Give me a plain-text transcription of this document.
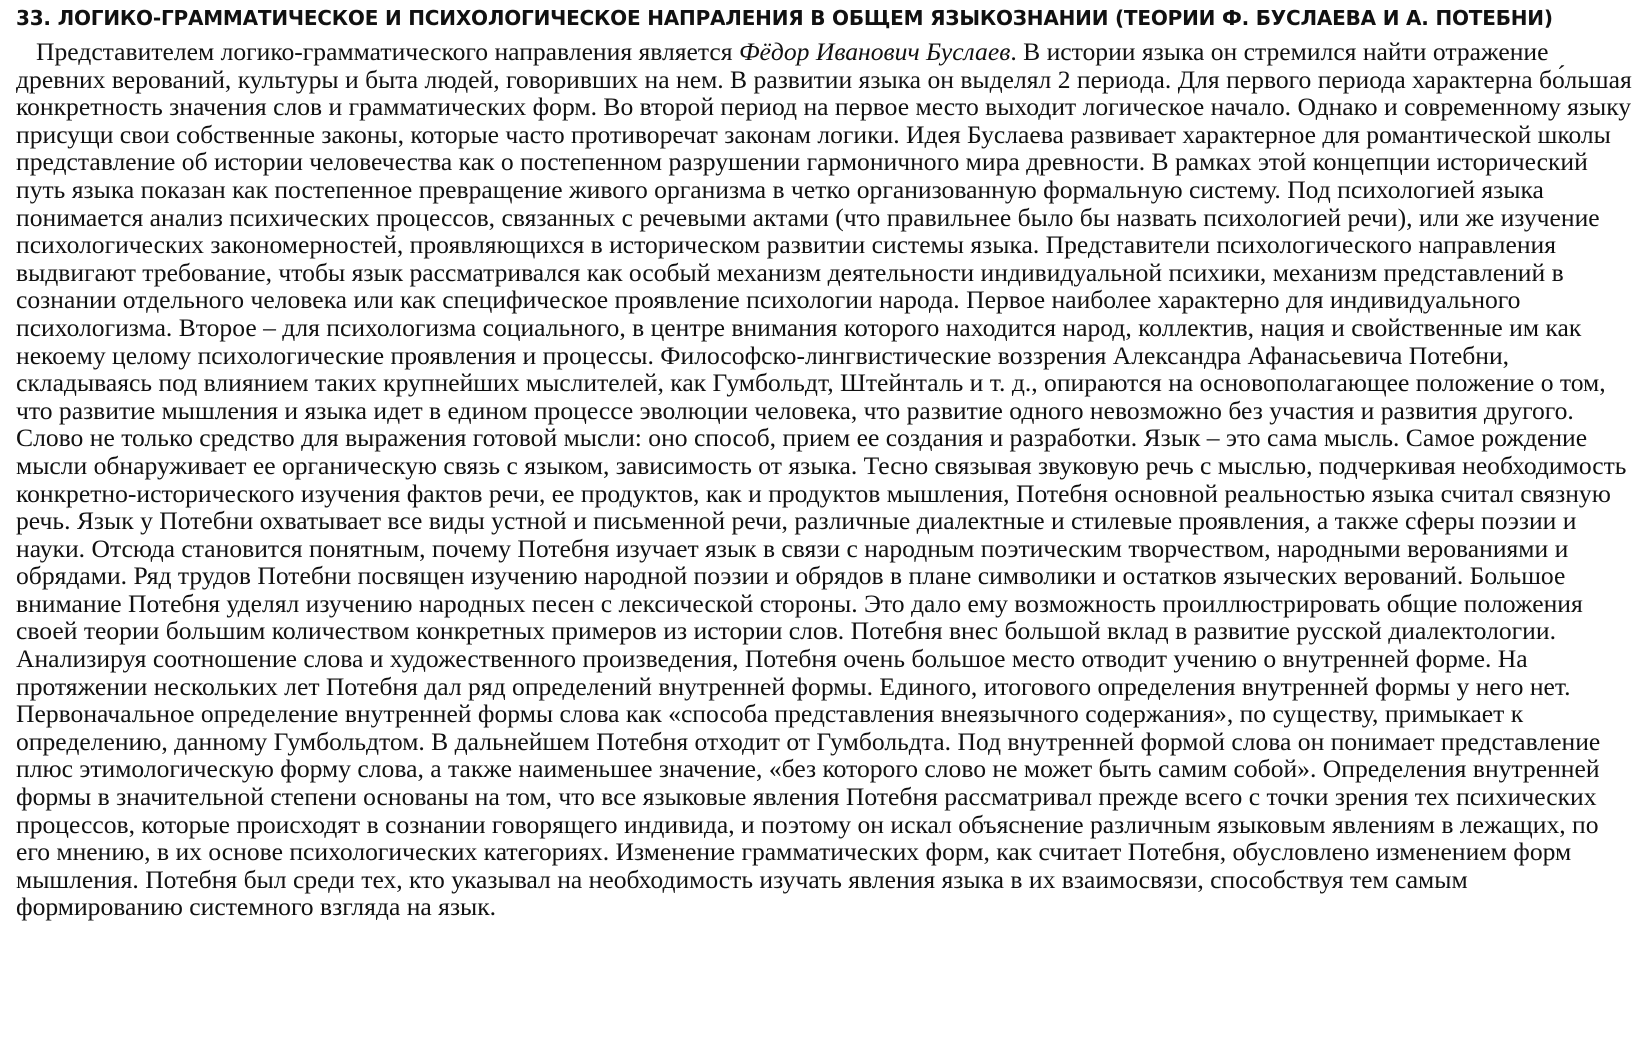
33. ЛОГИКО-ГРАММАТИЧЕСКОЕ И ПСИХОЛОГИЧЕСКОЕ НАПРАЛЕНИЯ В ОБЩЕМ ЯЗЫКОЗНАНИИ (ТЕОРИИ Ф. БУСЛАЕВА И А. ПОТЕБНИ)

Представителем логико-грамматического направления является Фёдор Иванович Буслаев. В истории языка он стремился найти отражение древних верований, культуры и быта людей, говоривших на нем. В развитии языка он выделял 2 периода. Для первого периода характерна бо́льшая конкретность значения слов и грамматических форм. Во второй период на первое место выходит логическое начало. Однако и современному языку присущи свои собственные законы, которые часто противоречат законам логики. Идея Буслаева развивает характерное для романтической школы представление об истории человечества как о постепенном разрушении гармоничного мира древности. В рамках этой концепции исторический путь языка показан как постепенное превращение живого организма в четко организованную формальную систему. Под психологией языка понимается анализ психических процессов, связанных с речевыми актами (что правильнее было бы назвать психологией речи), или же изучение психологических закономерностей, проявляющихся в историческом развитии системы языка. Представители психологического направления выдвигают требование, чтобы язык рассматривался как особый механизм деятельности индивидуальной психики, механизм представлений в сознании отдельного человека или как специфическое проявление психологии народа. Первое наиболее характерно для индивидуального психологизма. Второе – для психологизма социального, в центре внимания которого находится народ, коллектив, нация и свойственные им как некоему целому психологические проявления и процессы. Философско-лингвистические воззрения Александра Афанасьевича Потебни, складываясь под влиянием таких крупнейших мыслителей, как Гумбольдт, Штейнталь и т. д., опираются на основополагающее положение о том, что развитие мышления и языка идет в едином процессе эволюции человека, что развитие одного невозможно без участия и развития другого. Слово не только средство для выражения готовой мысли: оно способ, прием ее создания и разработки. Язык – это сама мысль. Самое рождение мысли обнаруживает ее органическую связь с языком, зависимость от языка. Тесно связывая звуковую речь с мыслью, подчеркивая необходимость конкретно-исторического изучения фактов речи, ее продуктов, как и продуктов мышления, Потебня основной реальностью языка считал связную речь. Язык у Потебни охватывает все виды устной и письменной речи, различные диалектные и стилевые проявления, а также сферы поэзии и науки. Отсюда становится понятным, почему Потебня изучает язык в связи с народным поэтическим творчеством, народными верованиями и обрядами. Ряд трудов Потебни посвящен изучению народной поэзии и обрядов в плане символики и остатков языческих верований. Большое внимание Потебня уделял изучению народных песен с лексической стороны. Это дало ему возможность проиллюстрировать общие положения своей теории большим количеством конкретных примеров из истории слов. Потебня внес большой вклад в развитие русской диалектологии. Анализируя соотношение слова и художественного произведения, Потебня очень большое место отводит учению о внутренней форме. На протяжении нескольких лет Потебня дал ряд определений внутренней формы. Единого, итогового определения внутренней формы у него нет. Первоначальное определение внутренней формы слова как «способа представления внеязычного содержания», по существу, примыкает к определению, данному Гумбольдтом. В дальнейшем Потебня отходит от Гумбольдта. Под внутренней формой слова он понимает представление плюс этимологическую форму слова, а также наименьшее значение, «без которого слово не может быть самим собой». Определения внутренней формы в значительной степени основаны на том, что все языковые явления Потебня рассматривал прежде всего с точки зрения тех психических процессов, которые происходят в сознании говорящего индивида, и поэтому он искал объяснение различным языковым явлениям в лежащих, по его мнению, в их основе психологических категориях. Изменение грамматических форм, как считает Потебня, обусловлено изменением форм мышления. Потебня был среди тех, кто указывал на необходимость изучать явления языка в их взаимосвязи, способствуя тем самым формированию системного взгляда на язык.
